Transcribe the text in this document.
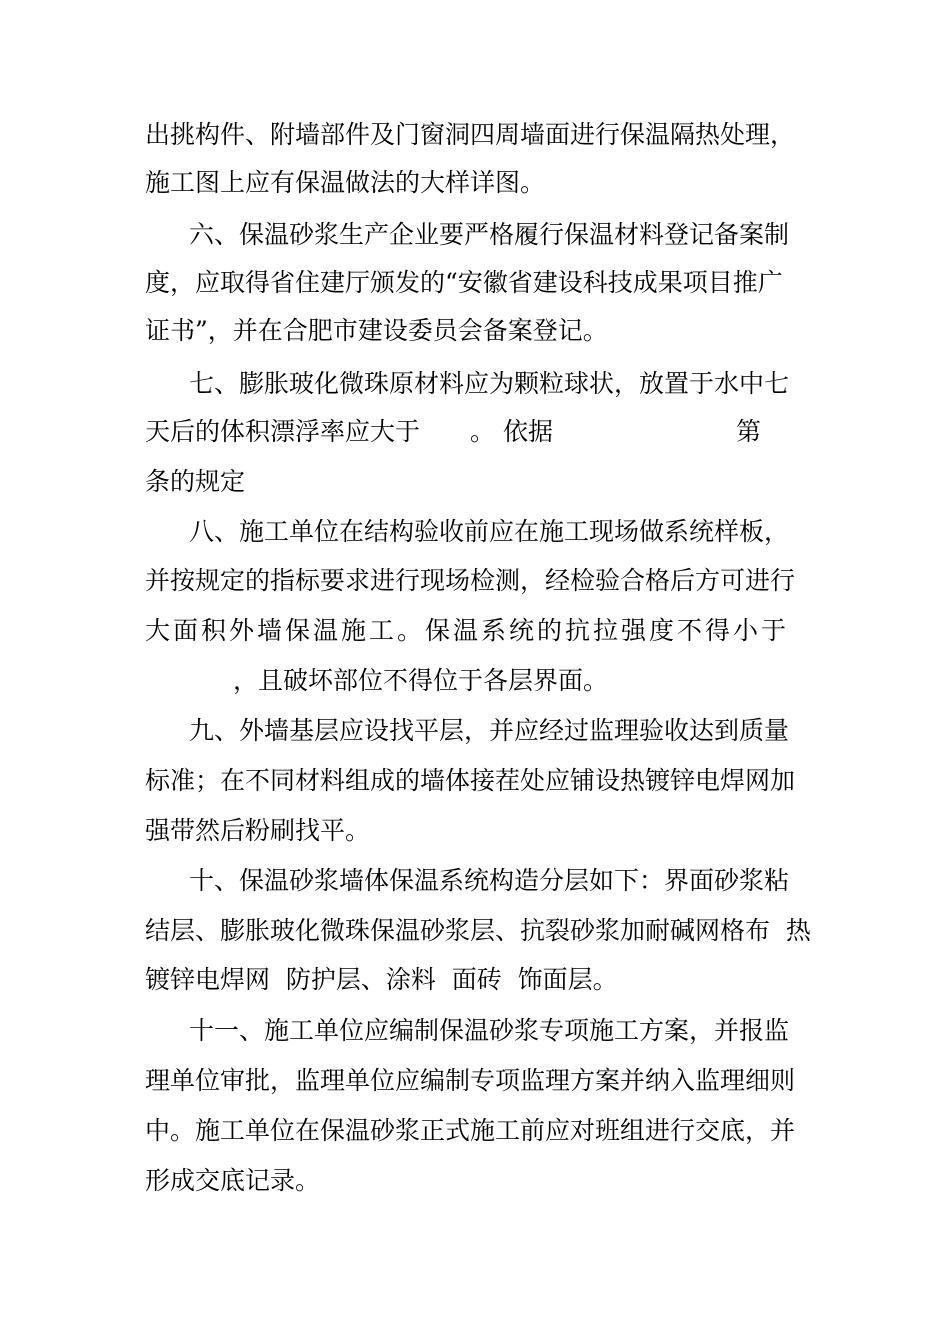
出挑构件、附墙部件及门窗洞四周墙面进行保温隔热处理，
施工图上应有保温做法的大样详图。
六、保温砂浆生产企业要严格履行保温材料登记备案制
度，应取得省住建厅颁发的“安徽省建设科技成果项目推广
证书”，并在合肥市建设委员会备案登记。
七、膨胀玻化微珠原材料应为颗粒球状，放置于水中七
天后的体积漂浮率应大于 。 依据	第
条的规定
八、施工单位在结构验收前应在施工现场做系统样板，
并按规定的指标要求进行现场检测，经检验合格后方可进行
大面积外墙保温施工。保温系统的抗拉强度不得小于
，且破坏部位不得位于各层界面。
九、外墙基层应设找平层，并应经过监理验收达到质量
标准；在不同材料组成的墙体接茬处应铺设热镀锌电焊网加
强带然后粉刷找平。
十、保温砂浆墙体保温系统构造分层如下：界面砂浆粘
结层、膨胀玻化微珠保温砂浆层、抗裂砂浆加耐碱网格布  热
镀锌电焊网  防护层、涂料  面砖  饰面层。
十一、施工单位应编制保温砂浆专项施工方案，并报监
理单位审批，监理单位应编制专项监理方案并纳入监理细则
中。施工单位在保温砂浆正式施工前应对班组进行交底，并
形成交底记录。
